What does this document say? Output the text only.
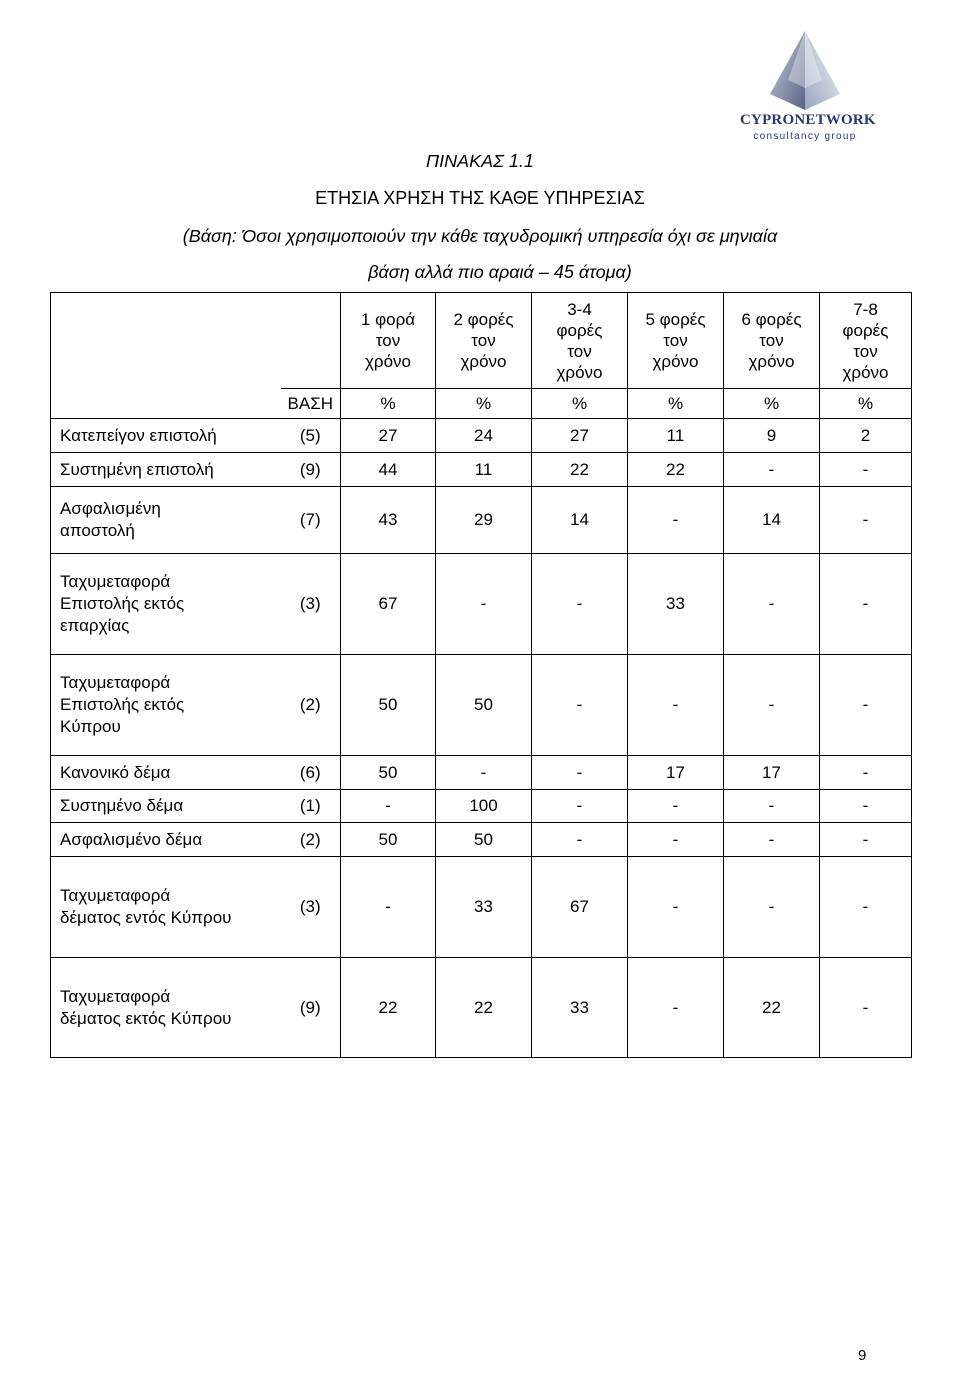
CYPRONETWORK
consultancy group
ΠΙΝΑΚΑΣ 1.1
ΕΤΗΣΙΑ ΧΡΗΣΗ ΤΗΣ ΚΑΘΕ ΥΠΗΡΕΣΙΑΣ
(Βάση: Όσοι χρησιμοποιούν την κάθε ταχυδρομική υπηρεσία όχι σε μηνιαία
βάση αλλά πιο αραιά – 45 άτομα)

		1 φορά
τον
χρόνο	2 φορές
τον
χρόνο	3-4
φορές
τον
χρόνο	5 φορές
τον
χρόνο	6 φορές
τον
χρόνο	7-8
φορές
τον
χρόνο

	ΒΑΣΗ	%	%	%	%	%	%

Κατεπείγον επιστολή	(5)	27	24	27	11	9	2

Συστημένη επιστολή	(9)	44	11	22	22	-	-

Ασφαλισμένη
αποστολή	(7)	43	29	14	-	14	-

Ταχυμεταφορά
Επιστολής εκτός
επαρχίας	(3)	67	-	-	33	-	-

Ταχυμεταφορά
Επιστολής εκτός
Κύπρου	(2)	50	50	-	-	-	-

Κανονικό δέμα	(6)	50	-	-	17	17	-

Συστημένο δέμα	(1)	-	100	-	-	-	-

Ασφαλισμένο δέμα	(2)	50	50	-	-	-	-

Ταχυμεταφορά
δέματος εντός Κύπρου	(3)	-	33	67	-	-	-

Ταχυμεταφορά
δέματος εκτός Κύπρου	(9)	22	22	33	-	22	-
9
